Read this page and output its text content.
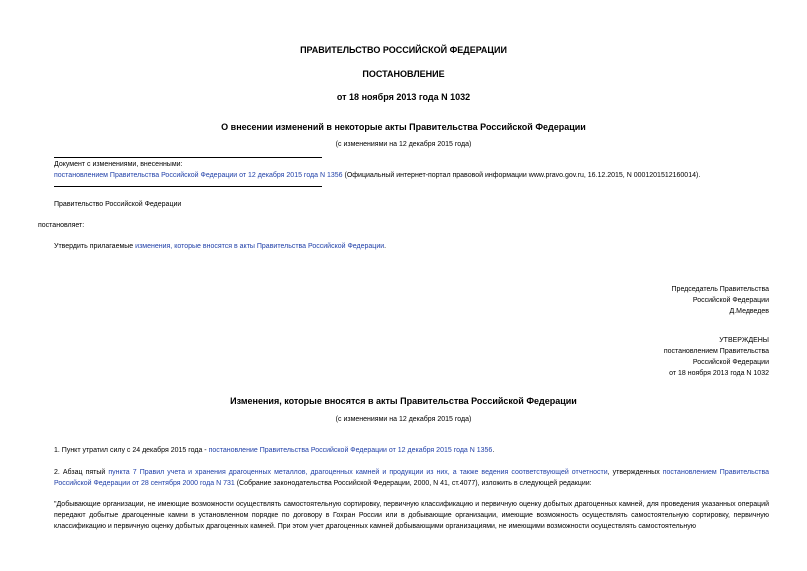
ПРАВИТЕЛЬСТВО РОССИЙСКОЙ ФЕДЕРАЦИИ
ПОСТАНОВЛЕНИЕ
от 18 ноября 2013 года N 1032
О внесении изменений в некоторые акты Правительства Российской Федерации
(с изменениями на 12 декабря 2015 года)
Документ с изменениями, внесенными:
постановлением Правительства Российской Федерации от 12 декабря 2015 года N 1356 (Официальный интернет-портал правовой информации www.pravo.gov.ru, 16.12.2015, N 0001201512160014).
Правительство Российской Федерации
постановляет:
Утвердить прилагаемые изменения, которые вносятся в акты Правительства Российской Федерации.
Председатель Правительства
Российской Федерации
Д.Медведев
УТВЕРЖДЕНЫ
постановлением Правительства
Российской Федерации
от 18 ноября 2013 года N 1032
Изменения, которые вносятся в акты Правительства Российской Федерации
(с изменениями на 12 декабря 2015 года)
1. Пункт утратил силу с 24 декабря 2015 года - постановление Правительства Российской Федерации от 12 декабря 2015 года N 1356.
2. Абзац пятый пункта 7 Правил учета и хранения драгоценных металлов, драгоценных камней и продукции из них, а также ведения соответствующей отчетности, утвержденных постановлением Правительства Российской Федерации от 28 сентября 2000 года N 731 (Собрание законодательства Российской Федерации, 2000, N 41, ст.4077), изложить в следующей редакции:
"Добывающие организации, не имеющие возможности осуществлять самостоятельную сортировку, первичную классификацию и первичную оценку добытых драгоценных камней, для проведения указанных операций передают добытые драгоценные камни в установленном порядке по договору в Гохран России или в добывающие организации, имеющие возможность осуществлять самостоятельную сортировку, первичную классификацию и первичную оценку добытых драгоценных камней. При этом учет драгоценных камней добывающими организациями, не имеющими возможности осуществлять самостоятельную
